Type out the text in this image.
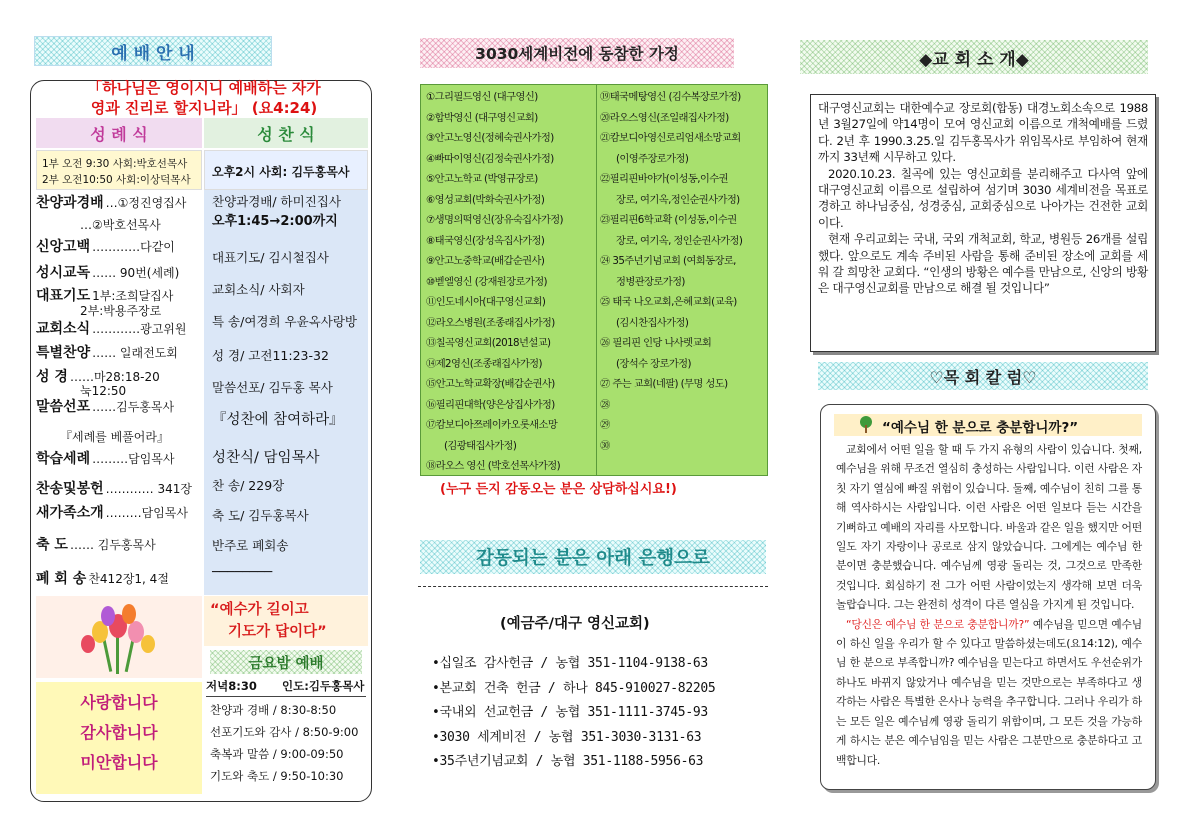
예 배 안 내
「하나님은 영이시니 예배하는 자가
영과 진리로 할지니라」 (요4:24)
성 례 식	성 찬 식
1부 오전 9:30 사회:박호선목사
2부 오전10:50 사회:이상덕목사
오후2시 사회: 김두홍목사
찬양과경배 …①정진영집사
…②박호선목사
신앙고백 …………다같이
성시교독 …… 90번(세례)
대표기도 1부:조희달집사
2부:박용주장로
교회소식 …………광고위원
특별찬양 …… 일래전도회
성 경 ……마28:18-20
눅12:50
말씀선포 ……김두홍목사
『세례를 베풀어라』
학습세례 ………담임목사
찬송및봉헌 ………… 341장
새가족소개 ………담임목사
축 도 …… 김두홍목사
폐 회 송 찬412장1, 4절
찬양과경배/ 하미진집사
오후1:45→2:00까지
대표기도/ 김시철집사
교회소식/ 사회자
특 송/여경희 우윤옥사랑방
성 경/ 고전11:23-32
말씀선포/ 김두홍 목사
『성찬에 참여하라』
성찬식/ 담임목사
찬 송/ 229장
축 도/ 김두홍목사
반주로 폐회송
────────
“예수가 길이고
기도가 답이다”
금요밤 예배
저녁8:30 인도:김두홍목사
찬양과 경배 / 8:30-8:50
선포기도와 감사 / 8:50-9:00
축복과 말씀 / 9:00-09:50
기도와 축도 / 9:50-10:30
사랑합니다
감사합니다
미안합니다
3030세계비전에 동참한 가정
①그리필드영신 (대구영신)
②합박영신 (대구영신교회)
③안고노영신(정혜숙권사가정)
④빠따이영신(김정숙권사가정)
⑤안고노학교 (박영규장로)
⑥영성교회(박화숙권사가정)
⑦생명의떡영신(장유숙집사가정)
⑧태국영신(장성옥집사가정)
⑨안고노중학교(배갑순권사)
⑩벧엘영신 (강재원장로가정)
⑪인도네시아(대구영신교회)
⑫라오스병원(조종래집사가정)
⑬칠곡영신교회(2018년설교)
⑭제2영신(조종래집사가정)
⑮안고노학교확장(배갑순권사)
⑯필리핀대학(양은상집사가정)
⑰캄보디아쯔레이카오롯새소망
(김광태집사가정)
⑱라오스 영신 (박호선목사가정)
⑲태국메탕영신 (김수복장로가정)
⑳라오스영신(조일래집사가정)
㉑캄보디아영신로리엄새소망교회
(이영주장로가정)
㉒필리핀바야가(이성동,이수권
장로, 여기옥,정인순권사가정)
㉓필리핀6학교확 (이성동,이수권
장로, 여기옥, 정인순권사가정)
㉔ 35주년기념교회 (여희동장로,
정병관장로가정)
㉕ 태국 나오교회,은혜교회(교육)
(김시찬집사가정)
㉖ 필리핀 인당 나사렛교회
(장석수 장로가정)
㉗ 주는 교회(네팔) (무명 성도)
㉘
㉙
㉚
(누구 든지 감동오는 분은 상담하십시요!)
감동되는 분은 아래 은행으로
(예금주/대구 영신교회)
•십일조 감사헌금 / 농협 351-1104-9138-63
•본교회 건축 헌금 / 하나 845-910027-82205
•국내외 선교헌금 / 농협 351-1111-3745-93
•3030 세계비전 / 농협 351-3030-3131-63
•35주년기념교회 / 농협 351-1188-5956-63
◆교 회 소 개◆

대구영신교회는 대한예수교 장로회(합동) 대경노회소속으로 1988년 3월27일에 약14명이 모여 영신교회 이름으로 개척예배를 드렸다. 2년 후 1990.3.25.일 김두홍목사가 위임목사로 부임하여 현재까지 33년째 시무하고 있다.

2020.10.23. 칠곡에 있는 영신교회를 분리해주고 다사역 앞에 대구영신교회 이름으로 설립하여 섬기며 3030 세계비전을 목표로 경하고 하나님중심, 성경중심, 교회중심으로 나아가는 건전한 교회이다.

현재 우리교회는 국내, 국외 개척교회, 학교, 병원등 26개를 설립했다. 앞으로도 계속 주비된 사람을 통해 준비된 장소에 교회를 세워 갈 희망찬 교회다. “인생의 방황은 예수를 만남으로, 신앙의 방황은 대구영신교회를 만남으로 해결 될 것입니다”

♡목 회 칼 럼♡
“예수님 한 분으로 충분합니까?”

교회에서 어떤 일을 할 때 두 가지 유형의 사람이 있습니다. 첫째, 예수님을 위해 무조건 열심히 충성하는 사람입니다. 이런 사람은 자칫 자기 열심에 빠질 위험이 있습니다. 둘째, 예수님이 친히 그를 통해 역사하시는 사람입니다. 이런 사람은 어떤 일보다 듣는 시간을 기뻐하고 예배의 자리를 사모합니다. 바울과 같은 일을 했지만 어떤 일도 자기 자랑이나 공로로 삼지 않았습니다. 그에게는 예수님 한 분이면 충분했습니다. 예수님께 영광 돌리는 것, 그것으로 만족한 것입니다. 회심하기 전 그가 어떤 사람이었는지 생각해 보면 더욱 놀랍습니다. 그는 완전히 성격이 다른 열심을 가지게 된 것입니다.

“당신은 예수님 한 분으로 충분합니까?” 예수님을 믿으면 예수님이 하신 일을 우리가 할 수 있다고 말씀하셨는데도(요14:12), 예수님 한 분으로 부족합니까? 예수님을 믿는다고 하면서도 우선순위가 하나도 바뀌지 않았거나 예수님을 믿는 것만으로는 부족하다고 생각하는 사람은 특별한 은사나 능력을 추구합니다. 그러나 우리가 하는 모든 일은 예수님께 영광 돌리기 위함이며, 그 모든 것을 가능하게 하시는 분은 예수님임을 믿는 사람은 그분만으로 충분하다고 고백합니다.
